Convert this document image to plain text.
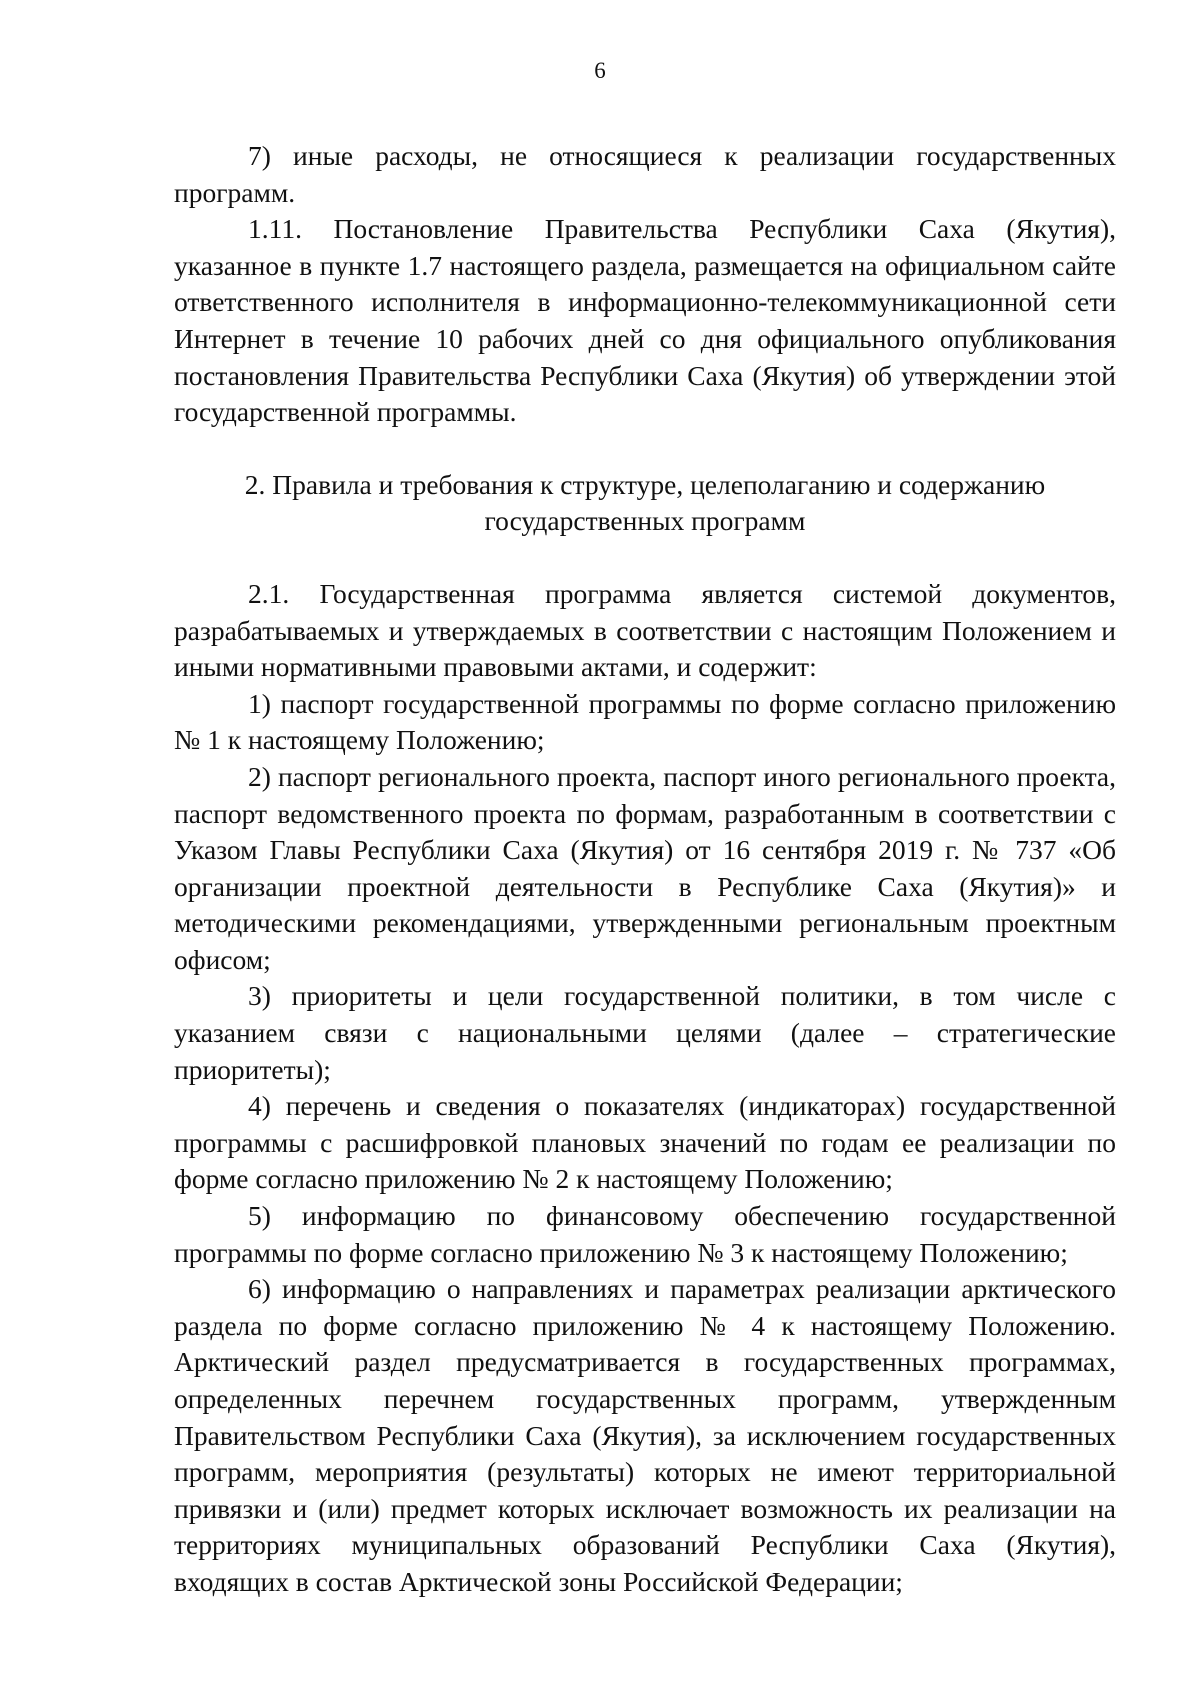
6

7) иные расходы, не относящиеся к реализации государственных программ.

1.11. Постановление Правительства Республики Саха (Якутия), указанное в пункте 1.7 настоящего раздела, размещается на официальном сайте ответственного исполнителя в информационно-телекоммуникационной сети Интернет в течение 10 рабочих дней со дня официального опубликования постановления Правительства Республики Саха (Якутия) об утверждении этой государственной программы.

2. Правила и требования к структуре, целеполаганию и содержанию
государственных программ

2.1. Государственная программа является системой документов, разрабатываемых и утверждаемых в соответствии с настоящим Положением и иными нормативными правовыми актами, и содержит:

1) паспорт государственной программы по форме согласно приложению № 1 к настоящему Положению;

2) паспорт регионального проекта, паспорт иного регионального проекта, паспорт ведомственного проекта по формам, разработанным в соответствии с Указом Главы Республики Саха (Якутия) от 16 сентября 2019 г. № 737 «Об организации проектной деятельности в Республике Саха (Якутия)» и методическими рекомендациями, утвержденными региональным проектным офисом;

3) приоритеты и цели государственной политики, в том числе с указанием связи с национальными целями (далее – стратегические приоритеты);

4) перечень и сведения о показателях (индикаторах) государственной программы с расшифровкой плановых значений по годам ее реализации по форме согласно приложению № 2 к настоящему Положению;

5) информацию по финансовому обеспечению государственной программы по форме согласно приложению № 3 к настоящему Положению;

6) информацию о направлениях и параметрах реализации арктического раздела по форме согласно приложению № 4 к настоящему Положению. Арктический раздел предусматривается в государственных программах, определенных перечнем государственных программ, утвержденным Правительством Республики Саха (Якутия), за исключением государственных программ, мероприятия (результаты) которых не имеют территориальной привязки и (или) предмет которых исключает возможность их реализации на территориях муниципальных образований Республики Саха (Якутия), входящих в состав Арктической зоны Российской Федерации;
